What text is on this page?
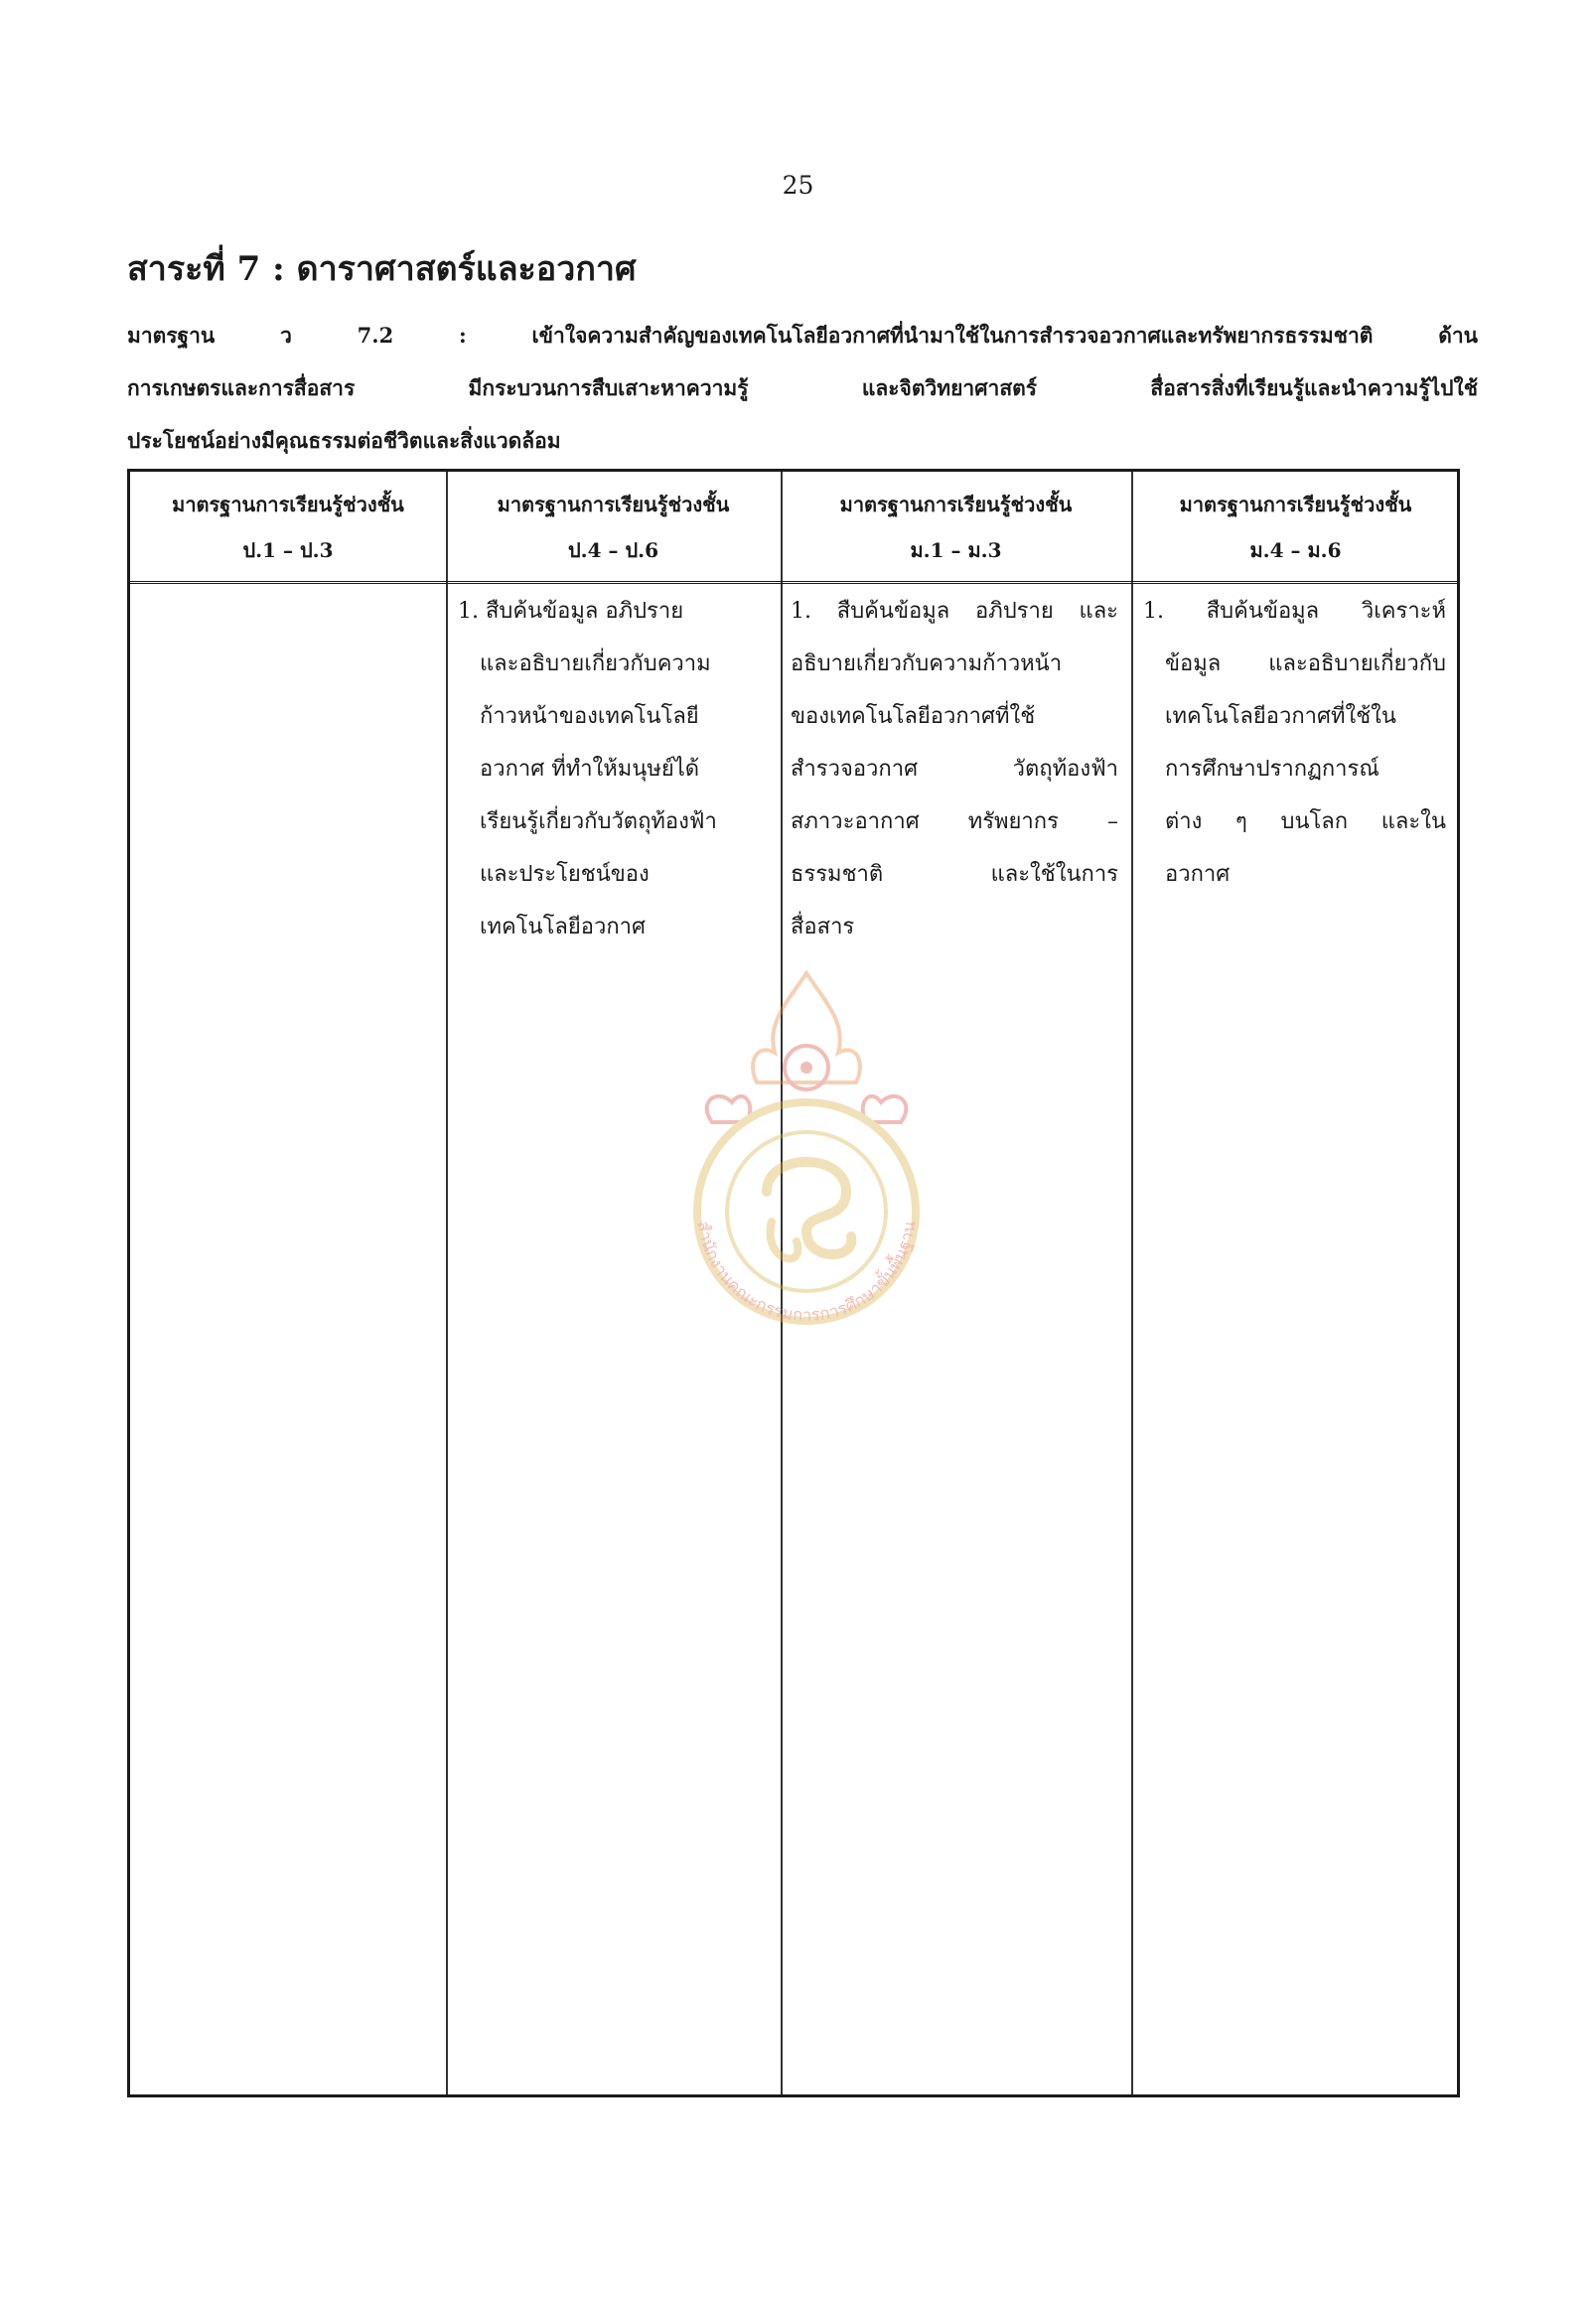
25
สาระที่ 7 : ดาราศาสตร์และอวกาศ
มาตรฐาน ว 7.2 : เข้าใจความสำคัญของเทคโนโลยีอวกาศที่นำมาใช้ในการสำรวจอวกาศและทรัพยากรธรรมชาติ ด้าน
การเกษตรและการสื่อสาร มีกระบวนการสืบเสาะหาความรู้ และจิตวิทยาศาสตร์ สื่อสารสิ่งที่เรียนรู้และนำความรู้ไปใช้
ประโยชน์อย่างมีคุณธรรมต่อชีวิตและสิ่งแวดล้อม
มาตรฐานการเรียนรู้ช่วงชั้น
ป.1 – ป.3
มาตรฐานการเรียนรู้ช่วงชั้น
ป.4 – ป.6
มาตรฐานการเรียนรู้ช่วงชั้น
ม.1 – ม.3
มาตรฐานการเรียนรู้ช่วงชั้น
ม.4 – ม.6
1. สืบค้นข้อมูล อภิปราย
และอธิบายเกี่ยวกับความ
ก้าวหน้าของเทคโนโลยี
อวกาศ ที่ทำให้มนุษย์ได้
เรียนรู้เกี่ยวกับวัตถุท้องฟ้า
และประโยชน์ของ
เทคโนโลยีอวกาศ
1. สืบค้นข้อมูล อภิปราย และ
อธิบายเกี่ยวกับความก้าวหน้า
ของเทคโนโลยีอวกาศที่ใช้
สำรวจอวกาศ วัตถุท้องฟ้า
สภาวะอากาศ ทรัพยากร –
ธรรมชาติ และใช้ในการ
สื่อสาร
1. สืบค้นข้อมูล วิเคราะห์
ข้อมูล และอธิบายเกี่ยวกับ
เทคโนโลยีอวกาศที่ใช้ใน
การศึกษาปรากฏการณ์
ต่าง ๆ บนโลก และใน
อวกาศ
สำนักงานคณะกรรมการการศึกษาขั้นพื้นฐาน
